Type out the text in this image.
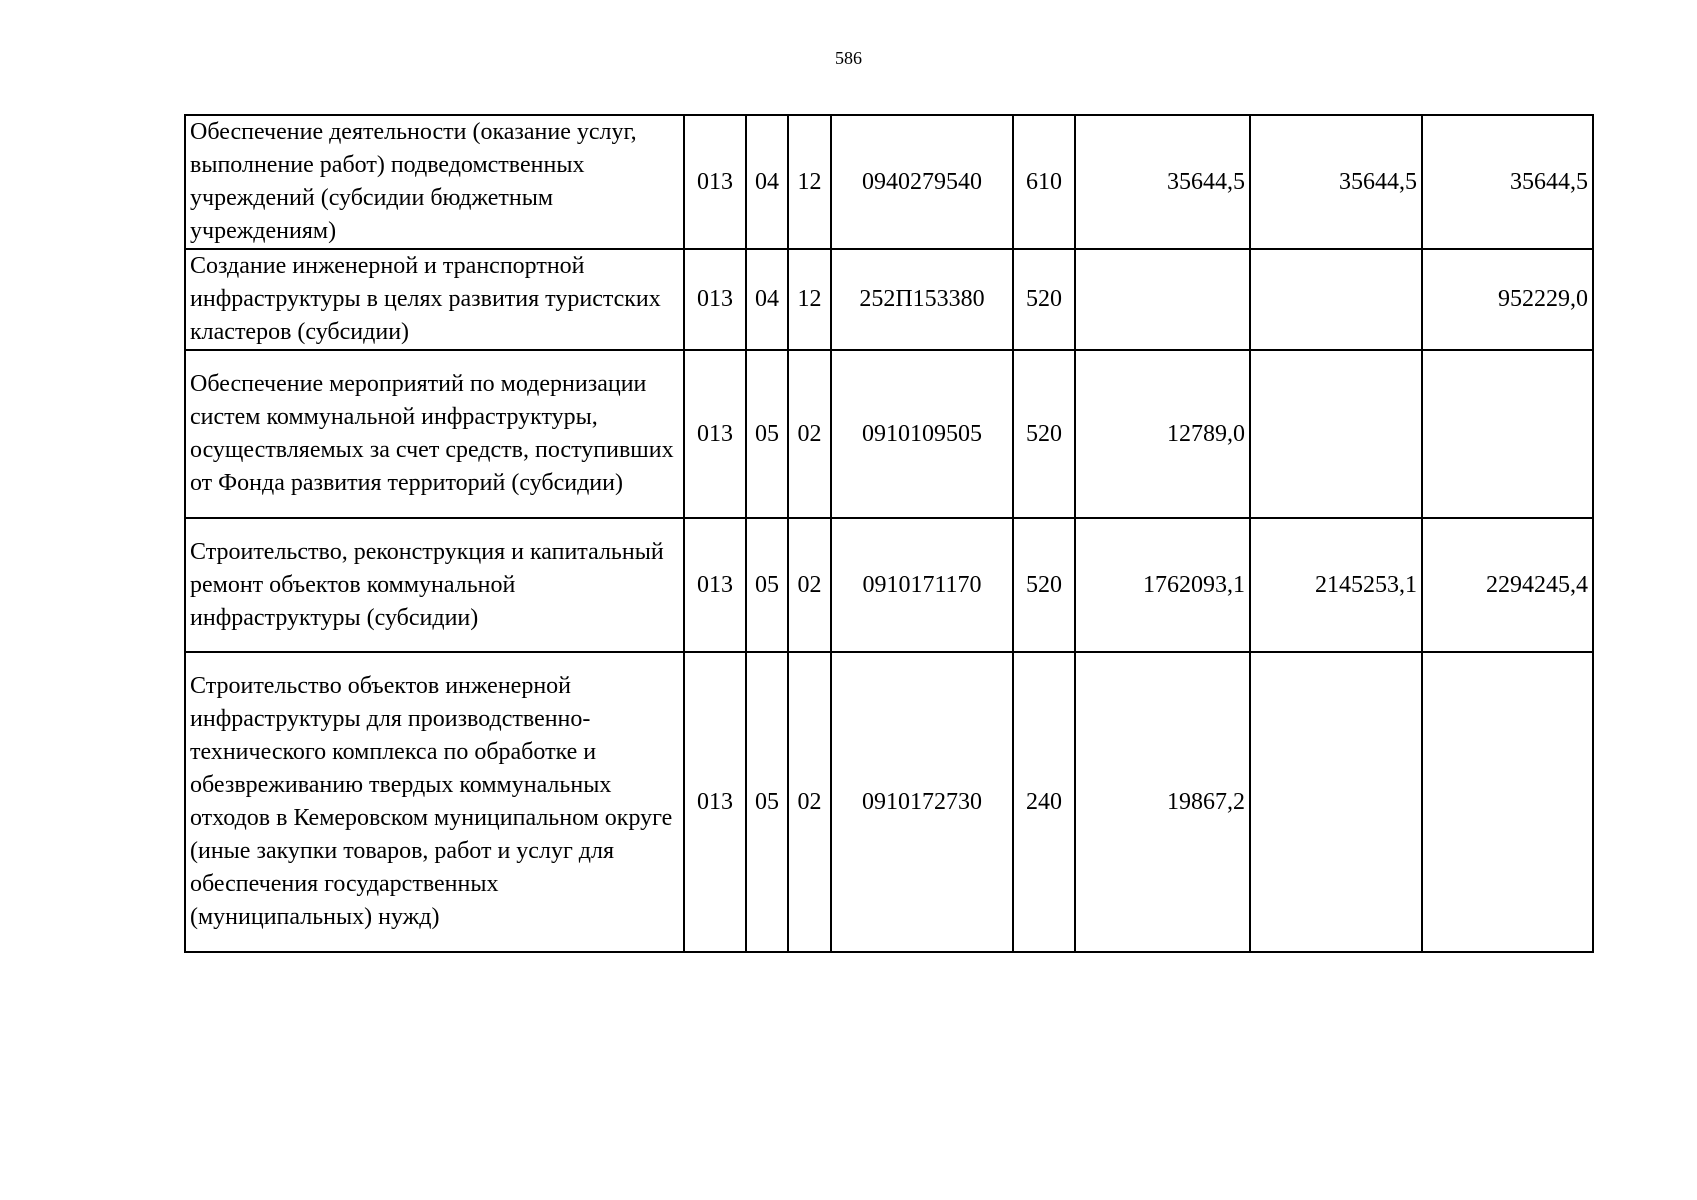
586
Обеспечение деятельности (оказание услуг, выполнение работ) подведомственных учреждений (субсидии бюджетным учреждениям)	013	04	12	0940279540	610	35644,5	35644,5	35644,5
Создание инженерной и транспортной инфраструктуры в целях развития туристских кластеров (субсидии)	013	04	12	252П153380	520			952229,0
Обеспечение мероприятий по модернизации систем коммунальной инфраструктуры, осуществляемых за счет средств, поступивших от Фонда развития территорий (субсидии)	013	05	02	0910109505	520	12789,0		
Строительство, реконструкция и капитальный ремонт объектов коммунальной инфраструктуры (субсидии)	013	05	02	0910171170	520	1762093,1	2145253,1	2294245,4
Строительство объектов инженерной инфраструктуры для производственно-технического комплекса по обработке и обезвреживанию твердых коммунальных отходов в Кемеровском муниципальном округе (иные закупки товаров, работ и услуг для обеспечения государственных (муниципальных) нужд)	013	05	02	0910172730	240	19867,2		
